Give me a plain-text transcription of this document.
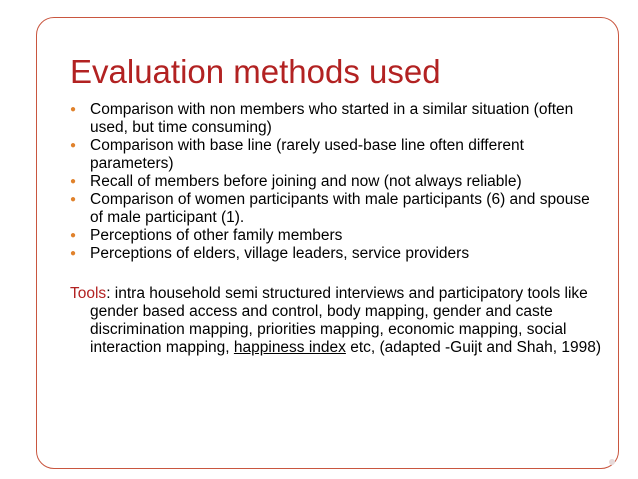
Evaluation methods used
● Comparison with non members who started in a similar situation (often used, but time consuming)
● Comparison with base line (rarely used-base line often different parameters)
● Recall of members before joining and now (not always reliable)
● Comparison of women participants with male participants (6) and spouse of male participant (1).
● Perceptions of other family members
● Perceptions of elders, village leaders, service providers

Tools: intra household semi structured interviews and participatory tools like gender based access and control, body mapping, gender and caste discrimination mapping, priorities mapping, economic mapping, social interaction mapping, happiness index etc, (adapted -Guijt and Shah, 1998)
